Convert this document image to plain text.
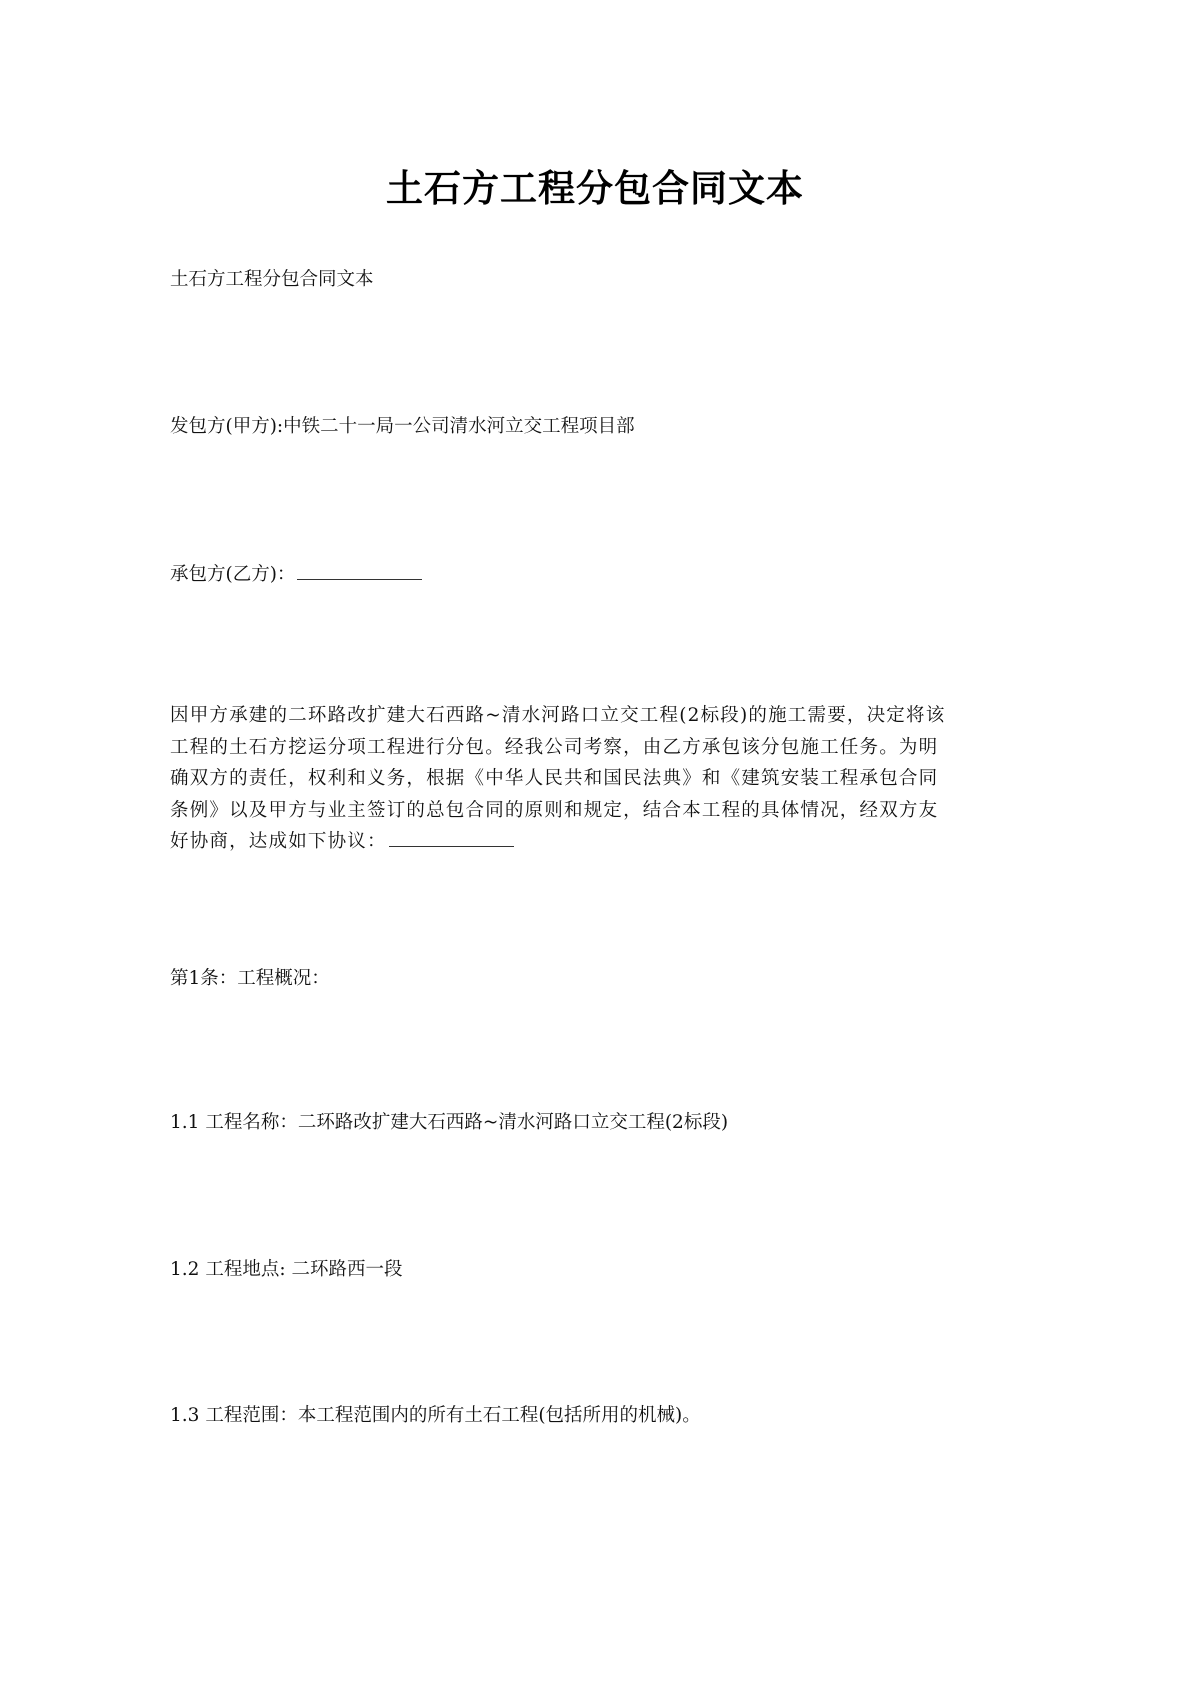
土石方工程分包合同文本
土石方工程分包合同文本
发包方(甲方):中铁二十一局一公司清水河立交工程项目部
承包方(乙方)：
因甲方承建的二环路改扩建大石西路~清水河路口立交工程(2标段)的施工需要，决定将该
工程的土石方挖运分项工程进行分包。经我公司考察，由乙方承包该分包施工任务。为明
确双方的责任，权利和义务，根据《中华人民共和国民法典》和《建筑安装工程承包合同
条例》以及甲方与业主签订的总包合同的原则和规定，结合本工程的具体情况，经双方友
好协商，达成如下协议：
第1条：工程概况：
1.1 工程名称：二环路改扩建大石西路~清水河路口立交工程(2标段)
1.2 工程地点: 二环路西一段
1.3 工程范围：本工程范围内的所有土石工程(包括所用的机械)。
